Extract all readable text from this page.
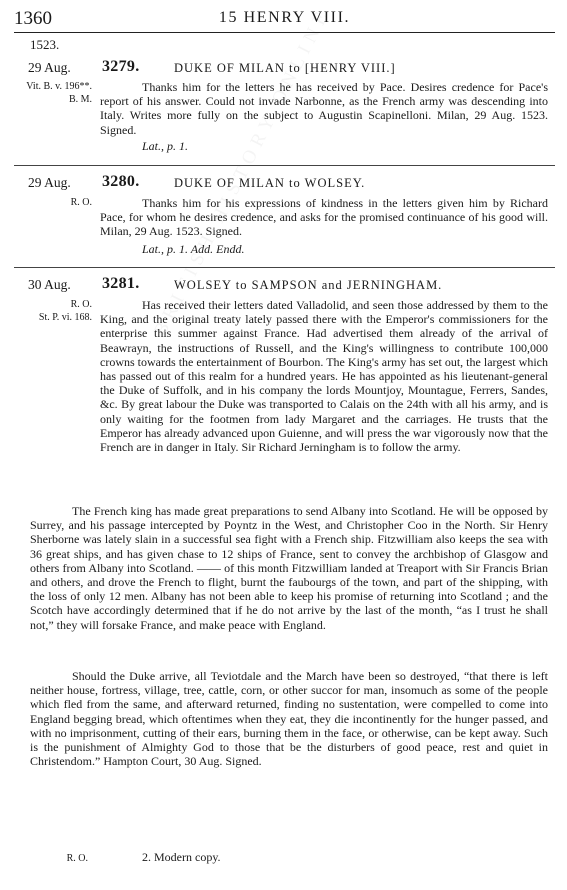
1360	15 HENRY VIII.
1523.
29 Aug. 3279.	DUKE OF MILAN to [HENRY VIII.]
Vit. B. v. 196**.
B. M.

Thanks him for the letters he has received by Pace. Desires credence for Pace's report of his answer. Could not invade Narbonne, as the French army was descending into Italy. Writes more fully on the subject to Augustin Scapinelloni. Milan, 29 Aug. 1523. Signed.

Lat., p. 1.
29 Aug. 3280.	DUKE OF MILAN to WOLSEY.
R. O.	Thanks him for his expressions of kindness in the letters given him by Richard Pace, for whom he desires credence, and asks for the promised continuance of his good will. Milan, 29 Aug. 1523. Signed.

Lat., p. 1. Add. Endd.
30 Aug. 3281.	WOLSEY to SAMPSON and JERNINGHAM.
R. O.
St. P. vi. 168.

Has received their letters dated Valladolid, and seen those addressed by them to the King, and the original treaty lately passed there with the Emperor's commissioners for the enterprise this summer against France. Had advertised them already of the arrival of Beawrayn, the instructions of Russell, and the King's willingness to contribute 100,000 crowns towards the entertainment of Bourbon. The King's army has set out, the largest which has passed out of this realm for a hundred years. He has appointed as his lieutenant-general the Duke of Suffolk, and in his company the lords Mountjoy, Mountague, Ferrers, Sandes, &c. By great labour the Duke was transported to Calais on the 24th with all his army, and is only waiting for the footmen from lady Margaret and the carriages. He trusts that the Emperor has already advanced upon Guienne, and will press the war vigorously now that the French are in danger in Italy. Sir Richard Jerningham is to follow the army.

The French king has made great preparations to send Albany into Scotland. He will be opposed by Surrey, and his passage intercepted by Poyntz in the West, and Christopher Coo in the North. Sir Henry Sherborne was lately slain in a successful sea fight with a French ship. Fitzwilliam also keeps the sea with 36 great ships, and has given chase to 12 ships of France, sent to convey the archbishop of Glasgow and others from Albany into Scotland. —— of this month Fitzwilliam landed at Treaport with Sir Francis Brian and others, and drove the French to flight, burnt the faubourgs of the town, and part of the shipping, with the loss of only 12 men. Albany has not been able to keep his promise of returning into Scotland ; and the Scotch have accordingly determined that if he do not arrive by the last of the month, “as I trust he shall not,” they will forsake France, and make peace with England.

Should the Duke arrive, all Teviotdale and the March have been so destroyed, “that there is left neither house, fortress, village, tree, cattle, corn, or other succor for man, insomuch as some of the people which fled from the same, and afterward returned, finding no sustentation, were compelled to come into England begging bread, which oftentimes when they eat, they die incontinently for the hunger passed, and with no imprisonment, cutting of their ears, burning them in the face, or otherwise, can be kept away. Such is the punishment of Almighty God to those that be the disturbers of good peace, rest and quiet in Christendom.” Hampton Court, 30 Aug. Signed.

R. O.	2. Modern copy.
